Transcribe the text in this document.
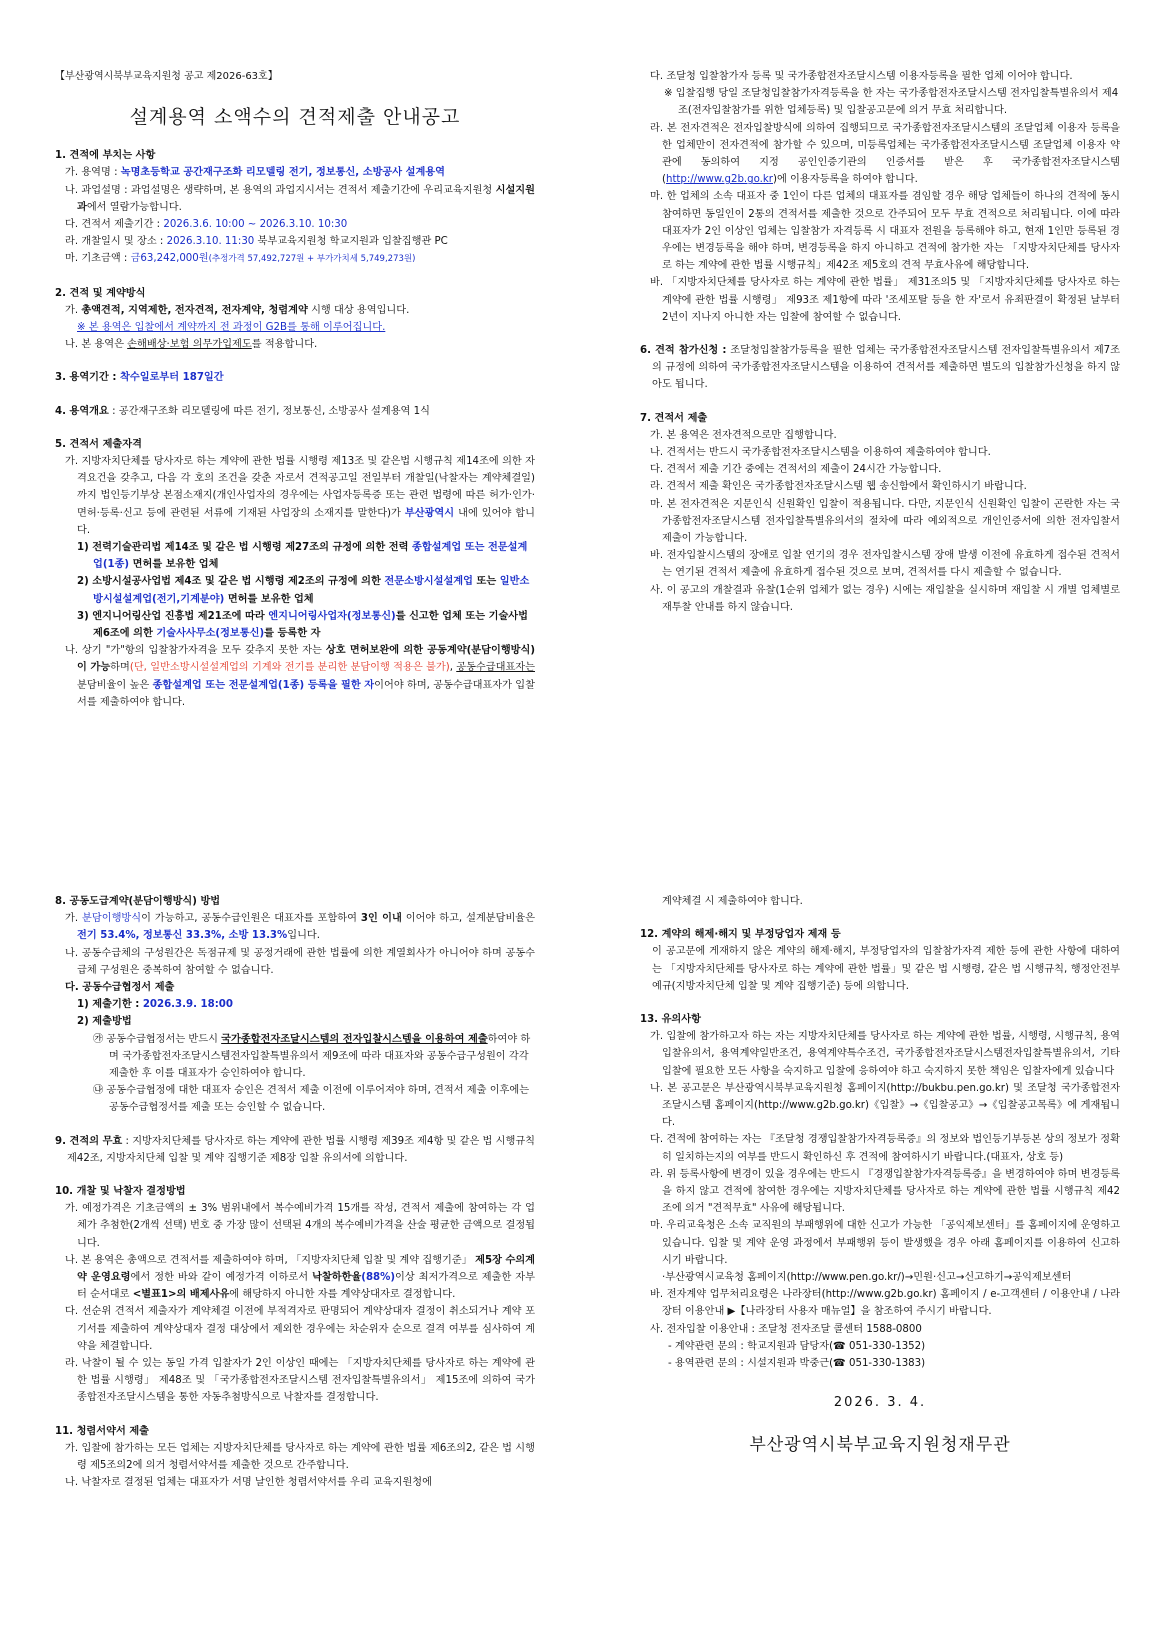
【부산광역시북부교육지원청 공고 제2026-63호】
설계용역 소액수의 견적제출 안내공고
1. 견적에 부치는 사항
가. 용역명 : 녹명초등학교 공간재구조화 리모델링 전기, 정보통신, 소방공사 설계용역
나. 과업설명 : 과업설명은 생략하며, 본 용역의 과업지시서는 견적서 제출기간에 우리교육지원청 시설지원과에서 열람가능합니다.
다. 견적서 제출기간 : 2026.3.6. 10:00 ~ 2026.3.10. 10:30
라. 개찰일시 및 장소 : 2026.3.10. 11:30 북부교육지원청 학교지원과 입찰집행관 PC
마. 기초금액 : 금63,242,000원(추정가격 57,492,727원 + 부가가치세 5,749,273원)
2. 견적 및 계약방식
가. 총액견적, 지역제한, 전자견적, 전자계약, 청렴계약 시행 대상 용역입니다.
※ 본 용역은 입찰에서 계약까지 전 과정이 G2B를 통해 이루어집니다.
나. 본 용역은 손해배상·보험 의무가입제도를 적용합니다.
3. 용역기간 : 착수일로부터 187일간
4. 용역개요 : 공간재구조화 리모델링에 따른 전기, 정보통신, 소방공사 설계용역 1식
5. 견적서 제출자격
가. 지방자치단체를 당사자로 하는 계약에 관한 법률 시행령 제13조 및 같은법 시행규칙 제14조에 의한 자격요건을 갖추고, 다음 각 호의 조건을 갖춘 자로서 견적공고일 전일부터 개찰일(낙찰자는 계약체결일)까지 법인등기부상 본점소재지(개인사업자의 경우에는 사업자등록증 또는 관련 법령에 따른 허가·인가·면허·등록·신고 등에 관련된 서류에 기재된 사업장의 소재지를 말한다)가 부산광역시 내에 있어야 합니다.
1) 전력기술관리법 제14조 및 같은 법 시행령 제27조의 규정에 의한 전력 종합설계업 또는 전문설계업(1종) 면허를 보유한 업체
2) 소방시설공사업법 제4조 및 같은 법 시행령 제2조의 규정에 의한 전문소방시설설계업 또는 일반소방시설설계업(전기,기계분야) 면허를 보유한 업체
3) 엔지니어링산업 진흥법 제21조에 따라 엔지니어링사업자(정보통신)를 신고한 업체 또는 기술사법 제6조에 의한 기술사사무소(정보통신)를 등록한 자
나. 상기 "가"항의 입찰참가자격을 모두 갖추지 못한 자는 상호 면허보완에 의한 공동계약(분담이행방식)이 가능하며(단, 일반소방시설설계업의 기계와 전기를 분리한 분담이행 적용은 불가), 공동수급대표자는 분담비율이 높은 종합설계업 또는 전문설계업(1종) 등록을 필한 자이어야 하며, 공동수급대표자가 입찰서를 제출하여야 합니다.
다. 조달청 입찰참가자 등록 및 국가종합전자조달시스템 이용자등록을 필한 업체 이어야 합니다.
※ 입찰집행 당일 조달청입찰참가자격등록을 한 자는 국가종합전자조달시스템 전자입찰특별유의서 제4조(전자입찰참가를 위한 업체등록) 및 입찰공고문에 의거 무효 처리합니다.
라. 본 전자견적은 전자입찰방식에 의하여 집행되므로 국가종합전자조달시스템의 조달업체 이용자 등록을 한 업체만이 전자견적에 참가할 수 있으며, 미등록업체는 국가종합전자조달시스템 조달업체 이용자 약관에 동의하여 지정 공인인증기관의 인증서를 받은 후 국가종합전자조달시스템(http://www.g2b.go.kr)에 이용자등록을 하여야 합니다.
마. 한 업체의 소속 대표자 중 1인이 다른 업체의 대표자를 겸임할 경우 해당 업체들이 하나의 견적에 동시 참여하면 동일인이 2통의 견적서를 제출한 것으로 간주되어 모두 무효 견적으로 처리됩니다. 이에 따라 대표자가 2인 이상인 업체는 입찰참가 자격등록 시 대표자 전원을 등록해야 하고, 현재 1인만 등록된 경우에는 변경등록을 해야 하며, 변경등록을 하지 아니하고 견적에 참가한 자는 「지방자치단체를 당사자로 하는 계약에 관한 법률 시행규칙」제42조 제5호의 견적 무효사유에 해당합니다.
바. 「지방자치단체를 당사자로 하는 계약에 관한 법률」 제31조의5 및 「지방자치단체를 당사자로 하는 계약에 관한 법률 시행령」 제93조 제1항에 따라 '조세포탈 등을 한 자'로서 유죄판결이 확정된 날부터 2년이 지나지 아니한 자는 입찰에 참여할 수 없습니다.
6. 견적 참가신청 : 조달청입찰참가등록을 필한 업체는 국가종합전자조달시스템 전자입찰특별유의서 제7조의 규정에 의하여 국가종합전자조달시스템을 이용하여 견적서를 제출하면 별도의 입찰참가신청을 하지 않아도 됩니다.
7. 견적서 제출
가. 본 용역은 전자견적으로만 집행합니다.
나. 견적서는 반드시 국가종합전자조달시스템을 이용하여 제출하여야 합니다.
다. 견적서 제출 기간 중에는 견적서의 제출이 24시간 가능합니다.
라. 견적서 제출 확인은 국가종합전자조달시스템 웹 송신함에서 확인하시기 바랍니다.
마. 본 전자견적은 지문인식 신원확인 입찰이 적용됩니다. 다만, 지문인식 신원확인 입찰이 곤란한 자는 국가종합전자조달시스템 전자입찰특별유의서의 절차에 따라 예외적으로 개인인증서에 의한 전자입찰서 제출이 가능합니다.
바. 전자입찰시스템의 장애로 입찰 연기의 경우 전자입찰시스템 장애 발생 이전에 유효하게 접수된 견적서는 연기된 견적서 제출에 유효하게 접수된 것으로 보며, 견적서를 다시 제출할 수 없습니다.
사. 이 공고의 개찰결과 유찰(1순위 업체가 없는 경우) 시에는 재입찰을 실시하며 재입찰 시 개별 업체별로 재투찰 안내를 하지 않습니다.
8. 공동도급계약(분담이행방식) 방법
가. 분담이행방식이 가능하고, 공동수급인원은 대표자를 포함하여 3인 이내 이어야 하고, 설계분담비율은 전기 53.4%, 정보통신 33.3%, 소방 13.3%입니다.
나. 공동수급체의 구성원간은 독점규제 및 공정거래에 관한 법률에 의한 계열회사가 아니어야 하며 공동수급체 구성원은 중복하여 참여할 수 없습니다.
다. 공동수급협정서 제출
1) 제출기한 : 2026.3.9. 18:00
2) 제출방법
㉮ 공동수급협정서는 반드시 국가종합전자조달시스템의 전자입찰시스템을 이용하여 제출하여야 하며 국가종합전자조달시스템전자입찰특별유의서 제9조에 따라 대표자와 공동수급구성원이 각각 제출한 후 이를 대표자가 승인하여야 합니다.
㉯ 공동수급협정에 대한 대표자 승인은 견적서 제출 이전에 이루어져야 하며, 견적서 제출 이후에는 공동수급협정서를 제출 또는 승인할 수 없습니다.
9. 견적의 무효 : 지방자치단체를 당사자로 하는 계약에 관한 법률 시행령 제39조 제4항 및 같은 법 시행규칙 제42조, 지방자치단체 입찰 및 계약 집행기준 제8장 입찰 유의서에 의합니다.
10. 개찰 및 낙찰자 결정방법
가. 예정가격은 기초금액의 ± 3% 범위내에서 복수예비가격 15개를 작성, 견적서 제출에 참여하는 각 업체가 추첨한(2개씩 선택) 번호 중 가장 많이 선택된 4개의 복수예비가격을 산술 평균한 금액으로 결정됩니다.
나. 본 용역은 총액으로 견적서를 제출하여야 하며, 「지방자치단체 입찰 및 계약 집행기준」 제5장 수의계약 운영요령에서 정한 바와 같이 예정가격 이하로서 낙찰하한율(88%)이상 최저가격으로 제출한 자부터 순서대로 <별표1>의 배제사유에 해당하지 아니한 자를 계약상대자로 결정합니다.
다. 선순위 견적서 제출자가 계약체결 이전에 부적격자로 판명되어 계약상대자 결정이 취소되거나 계약 포기서를 제출하여 계약상대자 결정 대상에서 제외한 경우에는 차순위자 순으로 결격 여부를 심사하여 계약을 체결합니다.
라. 낙찰이 될 수 있는 동일 가격 입찰자가 2인 이상인 때에는 「지방자치단체를 당사자로 하는 계약에 관한 법률 시행령」 제48조 및 「국가종합전자조달시스템 전자입찰특별유의서」 제15조에 의하여 국가종합전자조달시스템을 통한 자동추첨방식으로 낙찰자를 결정합니다.
11. 청렴서약서 제출
가. 입찰에 참가하는 모든 업체는 지방자치단체를 당사자로 하는 계약에 관한 법률 제6조의2, 같은 법 시행령 제5조의2에 의거 청렴서약서를 제출한 것으로 간주합니다.
나. 낙찰자로 결정된 업체는 대표자가 서명 날인한 청렴서약서를 우리 교육지원청에
계약체결 시 제출하여야 합니다.
12. 계약의 해제·해지 및 부정당업자 제재 등
이 공고문에 게재하지 않은 계약의 해제·해지, 부정당업자의 입찰참가자격 제한 등에 관한 사항에 대하여는 「지방자치단체를 당사자로 하는 계약에 관한 법률」및 같은 법 시행령, 같은 법 시행규칙, 행정안전부예규(지방자치단체 입찰 및 계약 집행기준) 등에 의합니다.
13. 유의사항
가. 입찰에 참가하고자 하는 자는 지방자치단체를 당사자로 하는 계약에 관한 법률, 시행령, 시행규칙, 용역입찰유의서, 용역계약일반조건, 용역계약특수조건, 국가종합전자조달시스템전자입찰특별유의서, 기타 입찰에 필요한 모든 사항을 숙지하고 입찰에 응하여야 하고 숙지하지 못한 책임은 입찰자에게 있습니다
나. 본 공고문은 부산광역시북부교육지원청 홈페이지(http://bukbu.pen.go.kr) 및 조달청 국가종합전자조달시스템 홈페이지(http://www.g2b.go.kr)《입찰》→《입찰공고》→《입찰공고목록》에 게재됩니다.
다. 견적에 참여하는 자는 『조달청 경쟁입찰참가자격등록증』의 정보와 법인등기부등본 상의 정보가 정확히 일치하는지의 여부를 반드시 확인하신 후 견적에 참여하시기 바랍니다.(대표자, 상호 등)
라. 위 등록사항에 변경이 있을 경우에는 반드시 『경쟁입찰참가자격등록증』을 변경하여야 하며 변경등록을 하지 않고 견적에 참여한 경우에는 지방자치단체를 당사자로 하는 계약에 관한 법률 시행규칙 제42조에 의거 "견적무효" 사유에 해당됩니다.
마. 우리교육청은 소속 교직원의 부패행위에 대한 신고가 가능한 「공익제보센터」를 홈페이지에 운영하고 있습니다. 입찰 및 계약 운영 과정에서 부패행위 등이 발생했을 경우 아래 홈페이지를 이용하여 신고하시기 바랍니다.
·부산광역시교육청 홈페이지(http://www.pen.go.kr/)→민원·신고→신고하기→공익제보센터
바. 전자계약 업무처리요령은 나라장터(http://www.g2b.go.kr) 홈페이지 / e-고객센터 / 이용안내 / 나라장터 이용안내 ▶【나라장터 사용자 매뉴얼】을 참조하여 주시기 바랍니다.
사. 전자입찰 이용안내 : 조달청 전자조달 콜센터 1588-0800
- 계약관련 문의 : 학교지원과 담당자(☎ 051-330-1352)
- 용역관련 문의 : 시설지원과 박중근(☎ 051-330-1383)
2026. 3. 4.
부산광역시북부교육지원청재무관
